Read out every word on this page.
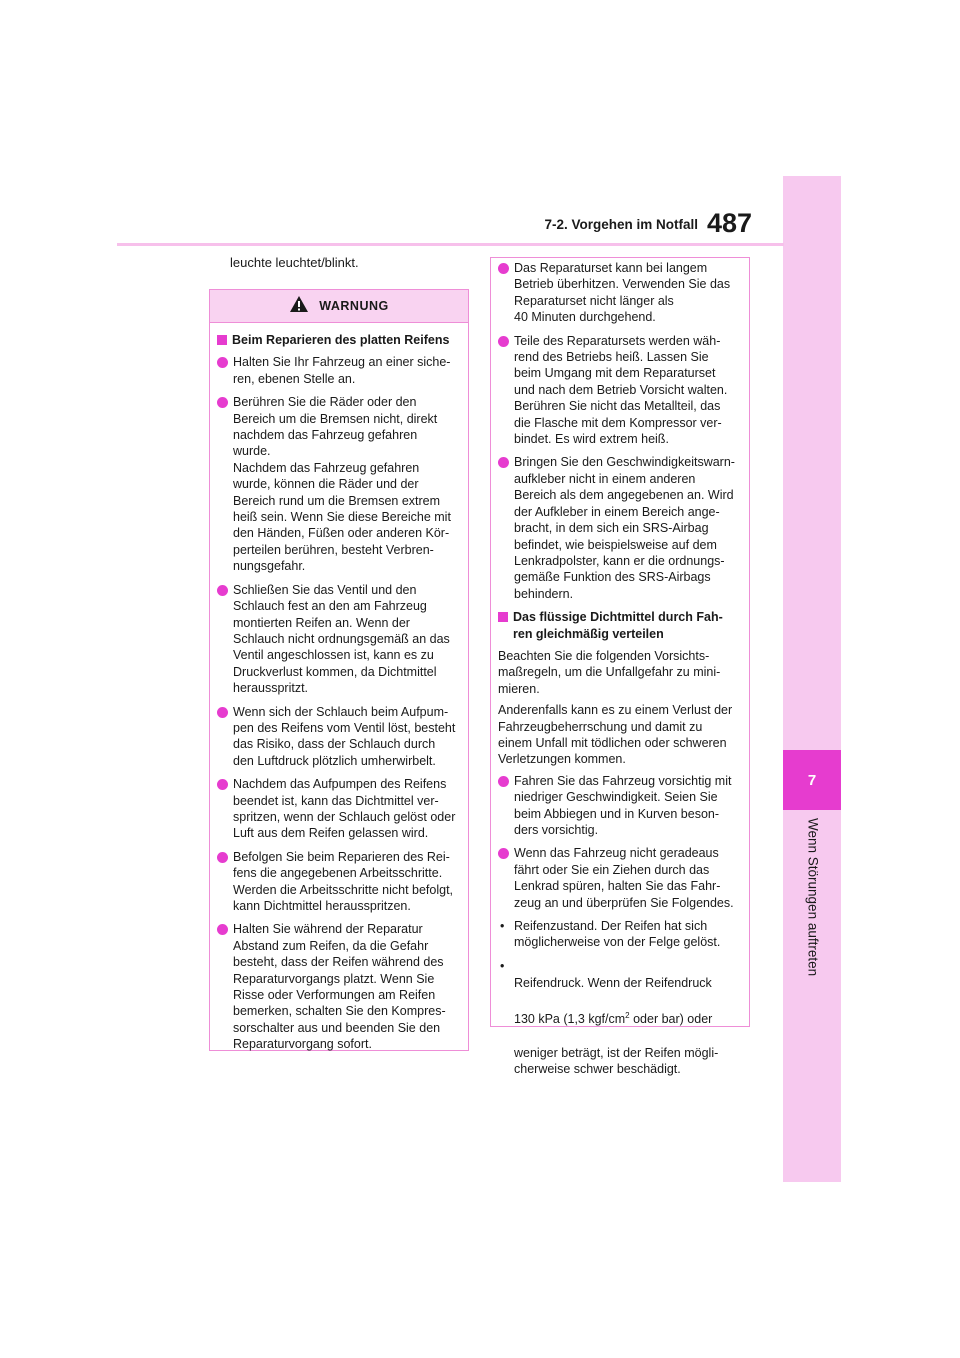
7
Wenn Störungen auftreten
7-2. Vorgehen im Notfall 487
leuchte leuchtet/blinkt.
WARNUNG
Beim Reparieren des platten Reifens
Halten Sie Ihr Fahrzeug an einer siche-
ren, ebenen Stelle an.
Berühren Sie die Räder oder den
Bereich um die Bremsen nicht, direkt
nachdem das Fahrzeug gefahren
wurde.
Nachdem das Fahrzeug gefahren
wurde, können die Räder und der
Bereich rund um die Bremsen extrem
heiß sein. Wenn Sie diese Bereiche mit
den Händen, Füßen oder anderen Kör-
perteilen berühren, besteht Verbren-
nungsgefahr.
Schließen Sie das Ventil und den
Schlauch fest an den am Fahrzeug
montierten Reifen an. Wenn der
Schlauch nicht ordnungsgemäß an das
Ventil angeschlossen ist, kann es zu
Druckverlust kommen, da Dichtmittel
herausspritzt.
Wenn sich der Schlauch beim Aufpum-
pen des Reifens vom Ventil löst, besteht
das Risiko, dass der Schlauch durch
den Luftdruck plötzlich umherwirbelt.
Nachdem das Aufpumpen des Reifens
beendet ist, kann das Dichtmittel ver-
spritzen, wenn der Schlauch gelöst oder
Luft aus dem Reifen gelassen wird.
Befolgen Sie beim Reparieren des Rei-
fens die angegebenen Arbeitsschritte.
Werden die Arbeitsschritte nicht befolgt,
kann Dichtmittel herausspritzen.
Halten Sie während der Reparatur
Abstand zum Reifen, da die Gefahr
besteht, dass der Reifen während des
Reparaturvorgangs platzt. Wenn Sie
Risse oder Verformungen am Reifen
bemerken, schalten Sie den Kompres-
sorschalter aus und beenden Sie den
Reparaturvorgang sofort.
Das Reparaturset kann bei langem
Betrieb überhitzen. Verwenden Sie das
Reparaturset nicht länger als
40 Minuten durchgehend.
Teile des Reparatursets werden wäh-
rend des Betriebs heiß. Lassen Sie
beim Umgang mit dem Reparaturset
und nach dem Betrieb Vorsicht walten.
Berühren Sie nicht das Metallteil, das
die Flasche mit dem Kompressor ver-
bindet. Es wird extrem heiß.
Bringen Sie den Geschwindigkeitswarn-
aufkleber nicht in einem anderen
Bereich als dem angegebenen an. Wird
der Aufkleber in einem Bereich ange-
bracht, in dem sich ein SRS-Airbag
befindet, wie beispielsweise auf dem
Lenkradpolster, kann er die ordnungs-
gemäße Funktion des SRS-Airbags
behindern.
Das flüssige Dichtmittel durch Fah-
ren gleichmäßig verteilen
Beachten Sie die folgenden Vorsichts-
maßregeln, um die Unfallgefahr zu mini-
mieren.
Anderenfalls kann es zu einem Verlust der
Fahrzeugbeherrschung und damit zu
einem Unfall mit tödlichen oder schweren
Verletzungen kommen.
Fahren Sie das Fahrzeug vorsichtig mit
niedriger Geschwindigkeit. Seien Sie
beim Abbiegen und in Kurven beson-
ders vorsichtig.
Wenn das Fahrzeug nicht geradeaus
fährt oder Sie ein Ziehen durch das
Lenkrad spüren, halten Sie das Fahr-
zeug an und überprüfen Sie Folgendes.
• Reifenzustand. Der Reifen hat sich
möglicherweise von der Felge gelöst.
•

Reifendruck. Wenn der Reifendruck

130 kPa (1,3 kgf/$cm^2$ oder bar) oder

weniger beträgt, ist der Reifen mögli-
cherweise schwer beschädigt.
